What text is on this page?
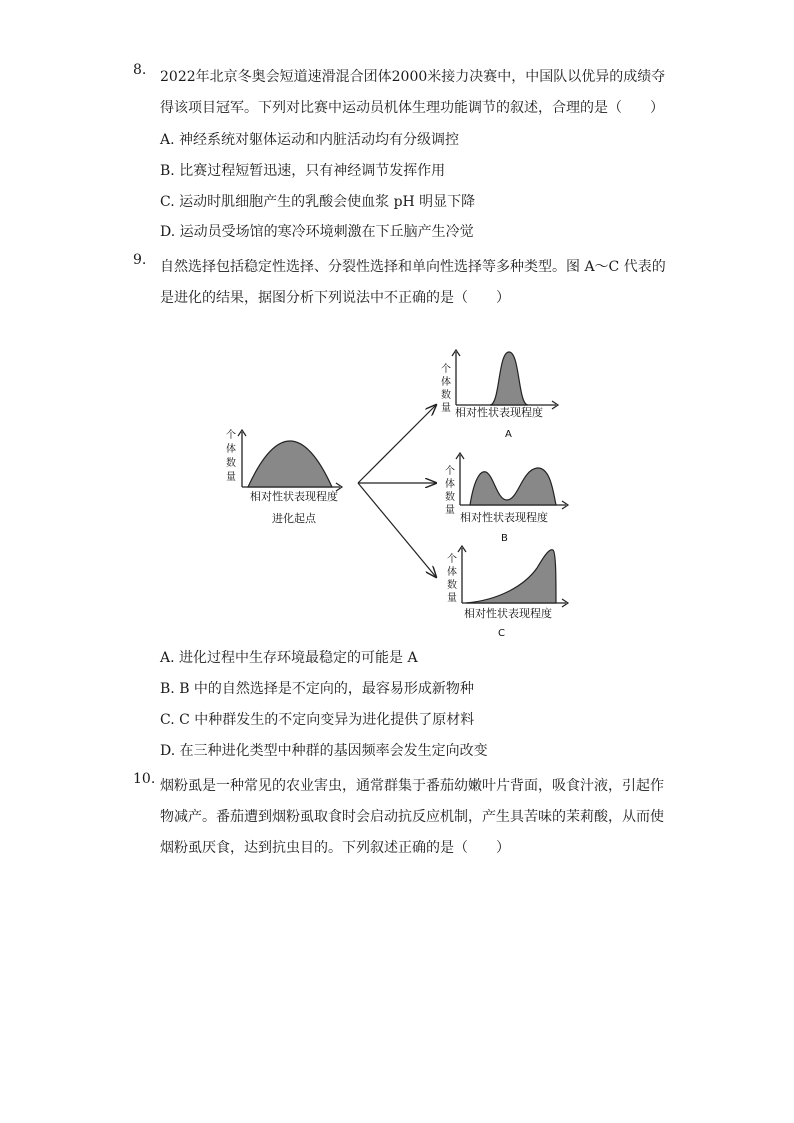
8. 2022年北京冬奥会短道速滑混合团体2000米接力决赛中，中国队以优异的成绩夺得该项目冠军。下列对比赛中运动员机体生理功能调节的叙述，合理的是（　　）
A. 神经系统对躯体运动和内脏活动均有分级调控
B. 比赛过程短暂迅速，只有神经调节发挥作用
C. 运动时肌细胞产生的乳酸会使血浆 pH 明显下降
D. 运动员受场馆的寒冷环境刺激在下丘脑产生冷觉
9. 自然选择包括稳定性选择、分裂性选择和单向性选择等多种类型。图 A～C 代表的是进化的结果，据图分析下列说法中不正确的是（　　）
个
体
数
量
相对性状表现程度
进化起点
个
体
数
量 相对性状表现程度
A
个
体
数
量
相对性状表现程度
B
个
体
数
量
相对性状表现程度
C
A. 进化过程中生存环境最稳定的可能是 A
B. B 中的自然选择是不定向的，最容易形成新物种
C. C 中种群发生的不定向变异为进化提供了原材料
D. 在三种进化类型中种群的基因频率会发生定向改变
10. 烟粉虱是一种常见的农业害虫，通常群集于番茄幼嫩叶片背面，吸食汁液，引起作物减产。番茄遭到烟粉虱取食时会启动抗反应机制，产生具苦味的茉莉酸，从而使烟粉虱厌食，达到抗虫目的。下列叙述正确的是（　　）
